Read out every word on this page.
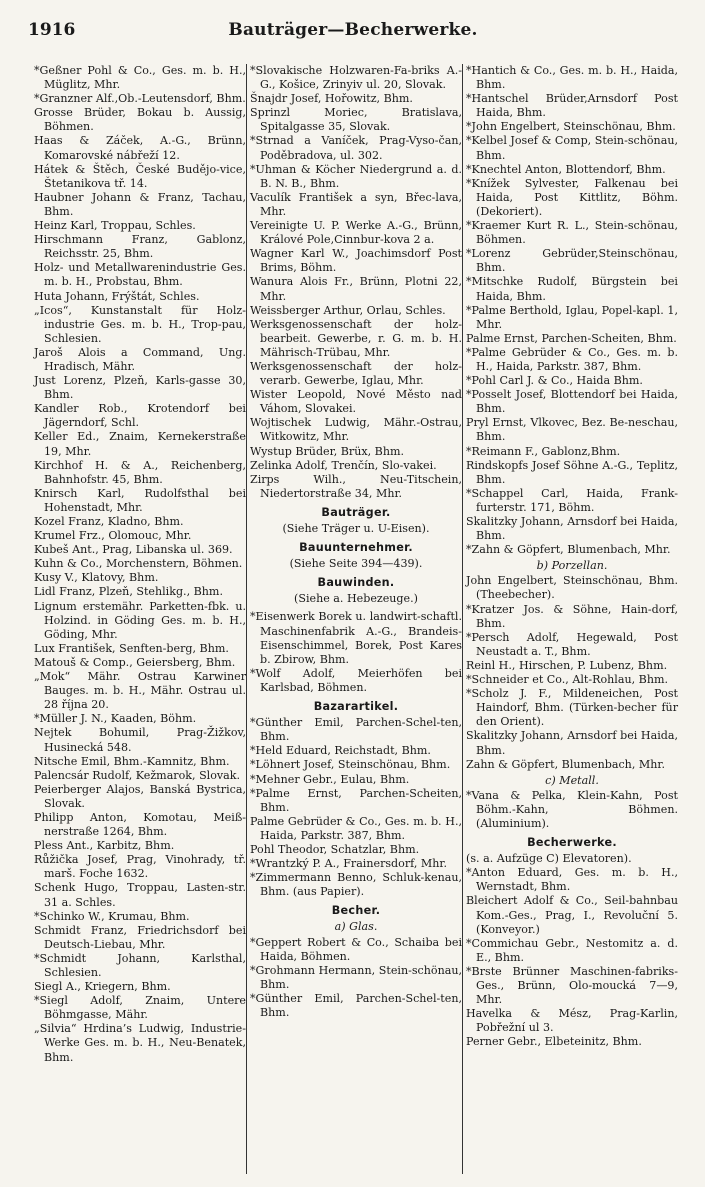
1916	Bauträger—Becherwerke.

*Geßner Pohl & Co., Ges. m. b. H., Müglitz, Mhr.

*Granzner Alf.,Ob.-Leutensdorf, Bhm.

Grosse Brüder, Bokau b. Aussig, Böhmen.

Haas & Záček, A.-G., Brünn, Komarovské nábřeží 12.

Hátek & Štěch, České Budějo-vice, Štetanikova tř. 14.

Haubner Johann & Franz, Tachau, Bhm.

Heinz Karl, Troppau, Schles.

Hirschmann Franz, Gablonz, Reichsstr. 25, Bhm.

Holz- und Metallwarenindustrie Ges. m. b. H., Probstau, Bhm.

Huta Johann, Frýštát, Schles.

„Icos“, Kunstanstalt für Holz-industrie Ges. m. b. H., Trop-pau, Schlesien.

Jaroš Alois a Command, Ung. Hradisch, Mähr.

Just Lorenz, Plzeň, Karls-gasse 30, Bhm.

Kandler Rob., Krotendorf bei Jägerndorf, Schl.

Keller Ed., Znaim, Kernekerstraße 19, Mhr.

Kirchhof H. & A., Reichenberg, Bahnhofstr. 45, Bhm.

Knirsch Karl, Rudolfsthal bei Hohenstadt, Mhr.

Kozel Franz, Kladno, Bhm.

Krumel Frz., Olomouc, Mhr.

Kubeš Ant., Prag, Libanska ul. 369.

Kuhn & Co., Morchenstern, Böhmen.

Kusy V., Klatovy, Bhm.

Lidl Franz, Plzeň, Stehlikg., Bhm.

Lignum erstemähr. Parketten-fbk. u. Holzind. in Göding Ges. m. b. H., Göding, Mhr.

Lux František, Senften-berg, Bhm.

Matouš & Comp., Geiersberg, Bhm.

„Mok“ Mähr. Ostrau Karwiner Bauges. m. b. H., Mähr. Ostrau ul. 28 října 20.

*Müller J. N., Kaaden, Böhm.

Nejtek Bohumil, Prag-Žižkov, Husinecká 548.

Nitsche Emil, Bhm.-Kamnitz, Bhm.

Palencsár Rudolf, Kežmarok, Slovak.

Peierberger Alajos, Banská Bystrica, Slovak.

Philipp Anton, Komotau, Meiß-nerstraße 1264, Bhm.

Pless Ant., Karbitz, Bhm.

Růžička Josef, Prag, Vinohrady, tř. marš. Foche 1632.

Schenk Hugo, Troppau, Lasten-str. 31 a. Schles.

*Schinko W., Krumau, Bhm.

Schmidt Franz, Friedrichsdorf bei Deutsch-Liebau, Mhr.

*Schmidt Johann, Karlsthal, Schlesien.

Siegl A., Kriegern, Bhm.

*Siegl Adolf, Znaim, Untere Böhmgasse, Mähr.

„Silvia“ Hrdina’s Ludwig, Industrie-Werke Ges. m. b. H., Neu-Benatek, Bhm.

*Slovakische Holzwaren-Fa-briks A.-G., Košice, Zrinyiv ul. 20, Slovak.

Šnajdr Josef, Hořowitz, Bhm.

Sprinzl Moriec, Bratislava, Spitalgasse 35, Slovak.

*Strnad a Vaníček, Prag-Vyso-čan, Poděbradova, ul. 302.

*Uhman & Köcher Niedergrund a. d. B. N. B., Bhm.

Vaculík František a syn, Břec-lava, Mhr.

Vereinigte U. P. Werke A.-G., Brünn, Králové Pole,Cinnbur-kova 2 a.

Wagner Karl W., Joachimsdorf Post Brims, Böhm.

Wanura Alois Fr., Brünn, Plotni 22, Mhr.

Weissberger Arthur, Orlau, Schles.

Werksgenossenschaft der holz-bearbeit. Gewerbe, r. G. m. b. H. Mährisch-Trübau, Mhr.

Werksgenossenschaft der holz-verarb. Gewerbe, Iglau, Mhr.

Wister Leopold, Nové Město nad Váhom, Slovakei.

Wojtischek Ludwig, Mähr.-Ostrau, Witkowitz, Mhr.

Wystup Brüder, Brüx, Bhm.

Zelinka Adolf, Trenčín, Slo-vakei.

Zirps Wilh., Neu-Titschein, Niedertorstraße 34, Mhr.

Bauträger.
(Siehe Träger u. U-Eisen).
Bauunternehmer.
(Siehe Seite 394—439).
Bauwinden.
(Siehe a. Hebezeuge.)

*Eisenwerk Borek u. landwirt-schaftl. Maschinenfabrik A.-G., Brandeis-Eisenschimmel, Borek, Post Kares b. Zbirow, Bhm.

*Wolf Adolf, Meierhöfen bei Karlsbad, Böhmen.

Bazarartikel.

*Günther Emil, Parchen-Schel-ten, Bhm.

*Held Eduard, Reichstadt, Bhm.

*Löhnert Josef, Steinschönau, Bhm.

*Mehner Gebr., Eulau, Bhm.

*Palme Ernst, Parchen-Scheiten, Bhm.

Palme Gebrüder & Co., Ges. m. b. H., Haida, Parkstr. 387, Bhm.

Pohl Theodor, Schatzlar, Bhm.

*Wrantzký P. A., Frainersdorf, Mhr.

*Zimmermann Benno, Schluk-kenau, Bhm. (aus Papier).

Becher.
a) Glas.

*Geppert Robert & Co., Schaiba bei Haida, Böhmen.

*Grohmann Hermann, Stein-schönau, Bhm.

*Günther Emil, Parchen-Schel-ten, Bhm.

*Hantich & Co., Ges. m. b. H., Haida, Bhm.

*Hantschel Brüder,Arnsdorf Post Haida, Bhm.

*John Engelbert, Steinschönau, Bhm.

*Kelbel Josef & Comp, Stein-schönau, Bhm.

*Knechtel Anton, Blottendorf, Bhm.

*Knížek Sylvester, Falkenau bei Haida, Post Kittlitz, Böhm. (Dekoriert).

*Kraemer Kurt R. L., Stein-schönau, Böhmen.

*Lorenz Gebrüder,Steinschönau, Bhm.

*Mitschke Rudolf, Bürgstein bei Haida, Bhm.

*Palme Berthold, Iglau, Popel-kapl. 1, Mhr.

Palme Ernst, Parchen-Scheiten, Bhm.

*Palme Gebrüder & Co., Ges. m. b. H., Haida, Parkstr. 387, Bhm.

*Pohl Carl J. & Co., Haida Bhm.

*Posselt Josef, Blottendorf bei Haida, Bhm.

Pryl Ernst, Vlkovec, Bez. Be-neschau, Bhm.

*Reimann F., Gablonz,Bhm.

Rindskopfs Josef Söhne A.-G., Teplitz, Bhm.

*Schappel Carl, Haida, Frank-furterstr. 171, Böhm.

Skalitzky Johann, Arnsdorf bei Haida, Bhm.

*Zahn & Göpfert, Blumenbach, Mhr.

b) Porzellan.

John Engelbert, Steinschönau, Bhm. (Theebecher).

*Kratzer Jos. & Söhne, Hain-dorf, Bhm.

*Persch Adolf, Hegewald, Post Neustadt a. T., Bhm.

Reinl H., Hirschen, P. Lubenz, Bhm.

*Schneider et Co., Alt-Rohlau, Bhm.

*Scholz J. F., Mildeneichen, Post Haindorf, Bhm. (Türken-becher für den Orient).

Skalitzky Johann, Arnsdorf bei Haida, Bhm.

Zahn & Göpfert, Blumenbach, Mhr.

c) Metall.

*Vana & Pelka, Klein-Kahn, Post Böhm.-Kahn, Böhmen. (Aluminium).

Becherwerke.

(s. a. Aufzüge C) Elevatoren).

*Anton Eduard, Ges. m. b. H., Wernstadt, Bhm.

Bleichert Adolf & Co., Seil-bahnbau Kom.-Ges., Prag, I., Revoluční 5. (Konveyor.)

*Commichau Gebr., Nestomitz a. d. E., Bhm.

*Brste Brünner Maschinen-fabriks-Ges., Brünn, Olo-moucká 7—9, Mhr.

Havelka & Mész, Prag-Karlin, Pobřežní ul 3.

Perner Gebr., Elbeteinitz, Bhm.
